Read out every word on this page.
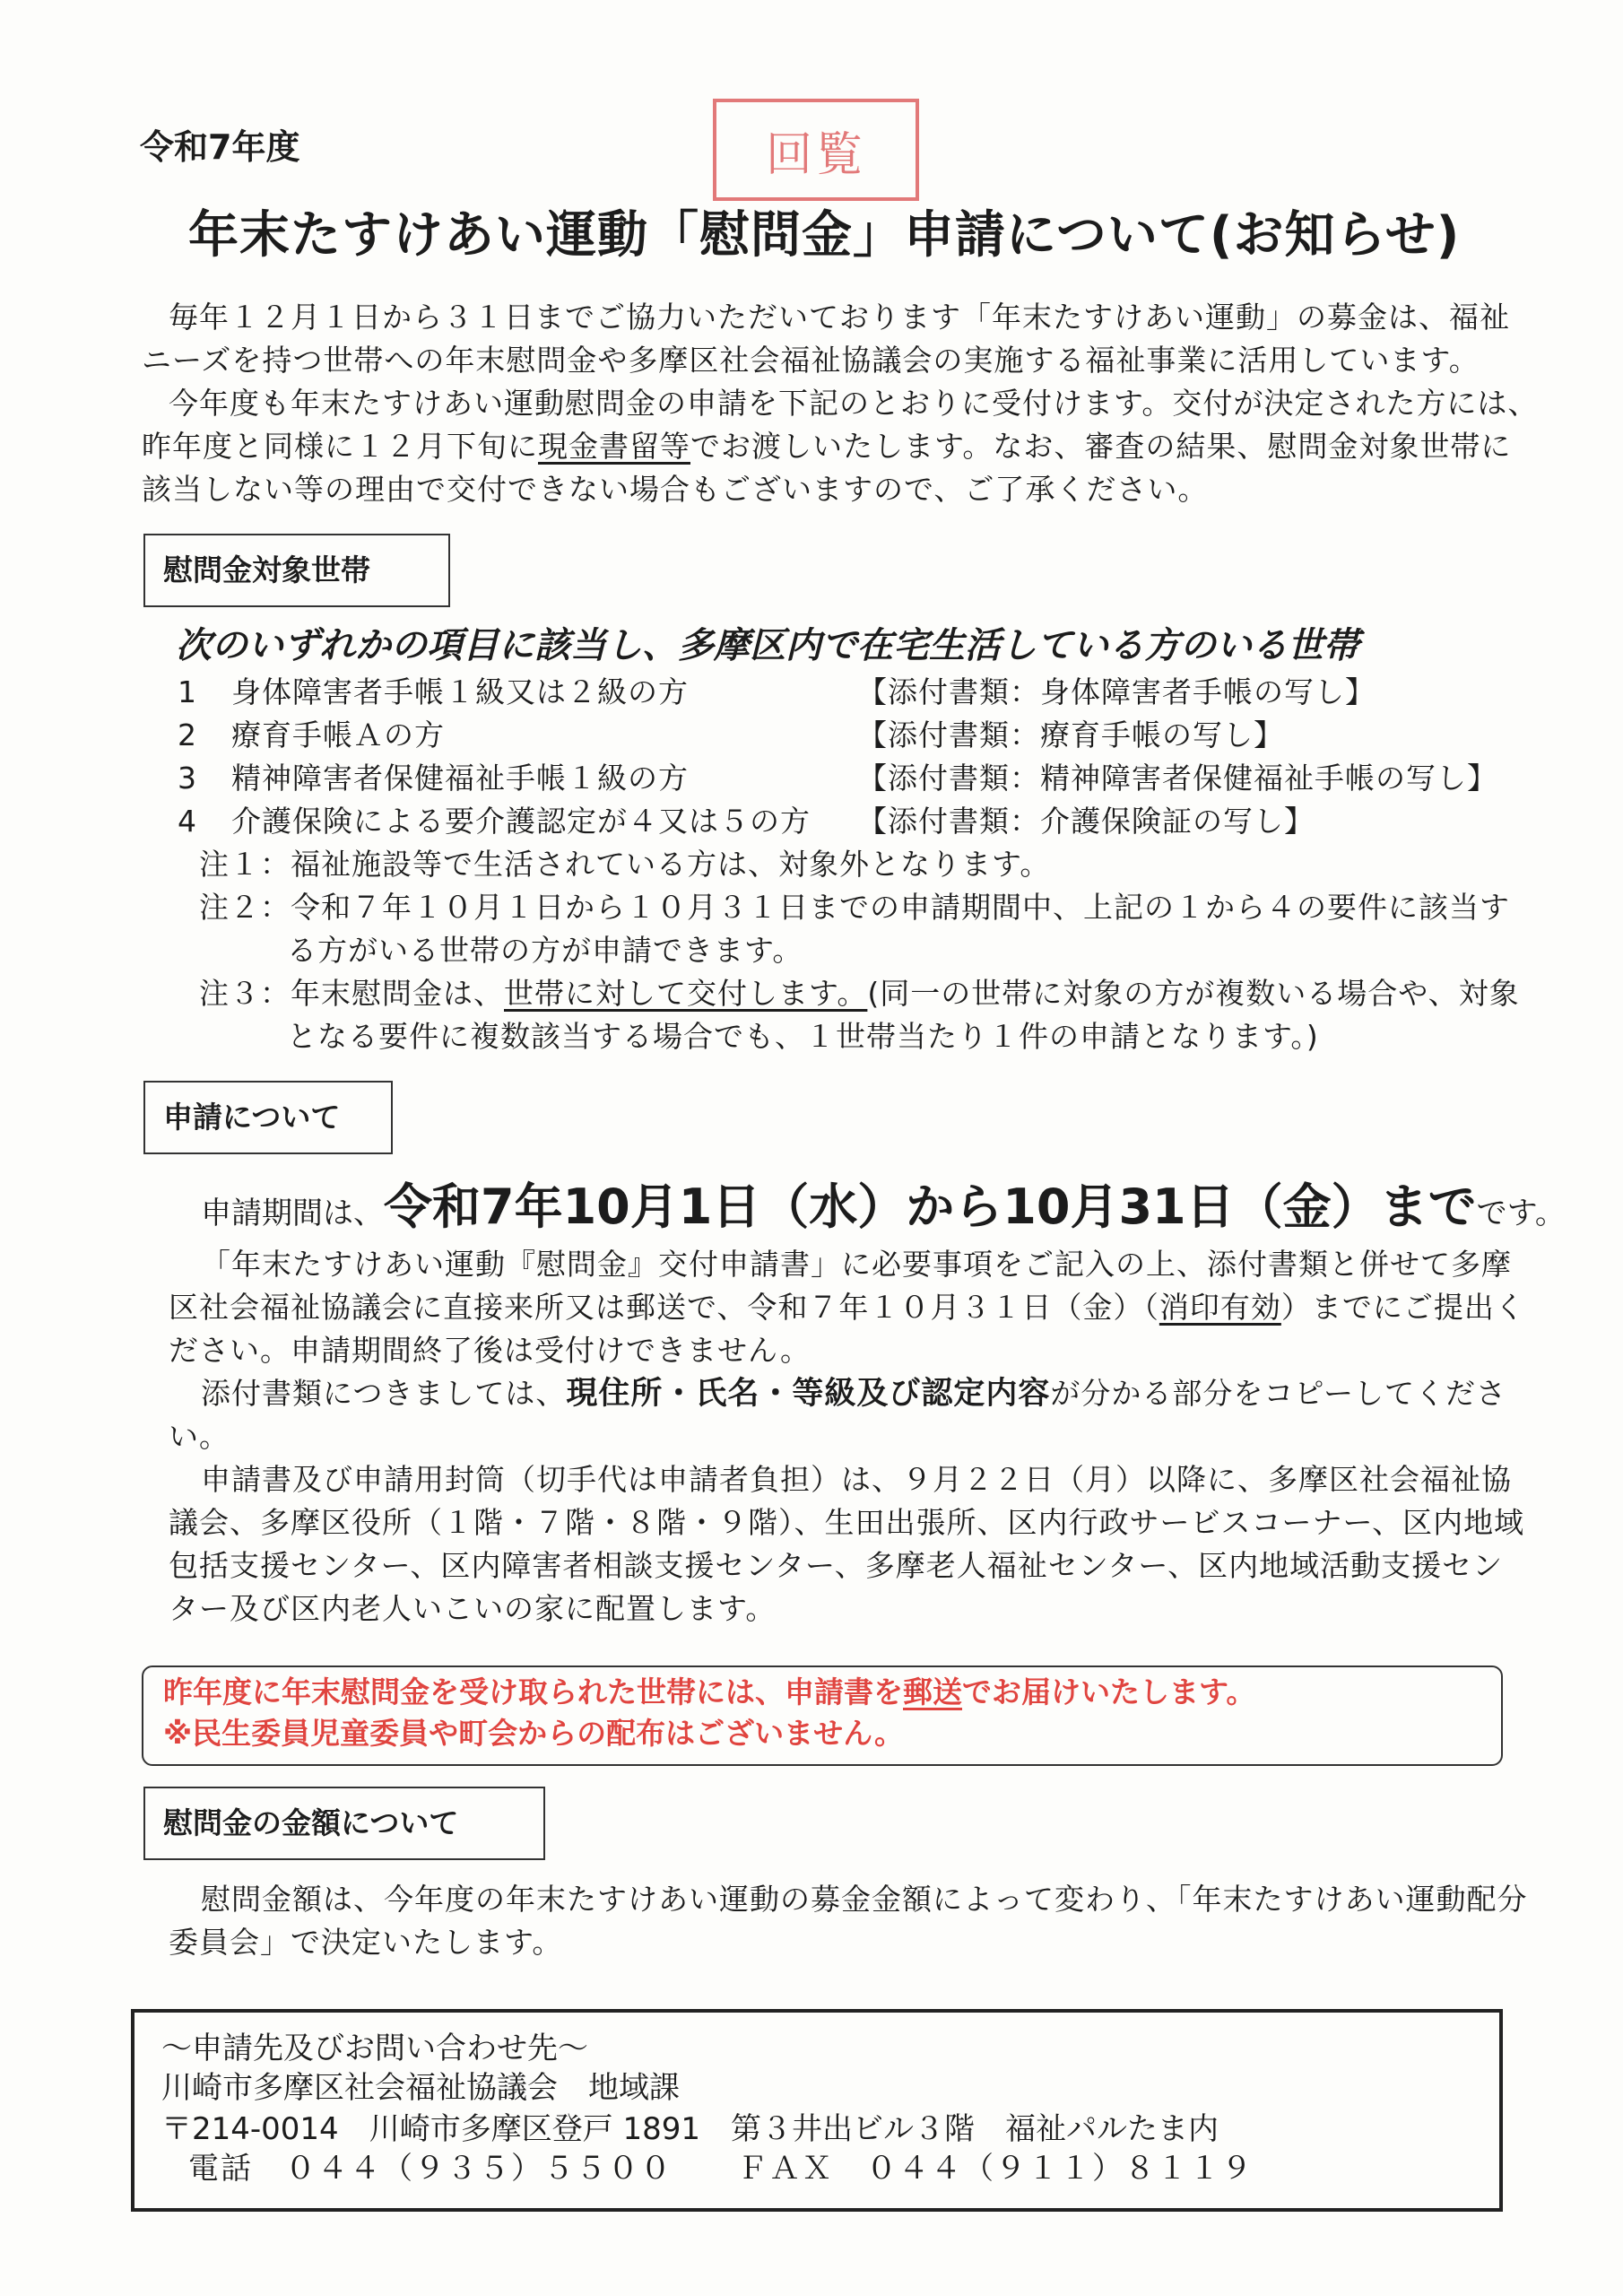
令和7年度	回覧
年末たすけあい運動「慰問金」申請について(お知らせ)
毎年１２月１日から３１日までご協力いただいております「年末たすけあい運動」の募金は、福祉
ニーズを持つ世帯への年末慰問金や多摩区社会福祉協議会の実施する福祉事業に活用しています。
今年度も年末たすけあい運動慰問金の申請を下記のとおりに受付けます。交付が決定された方には、
昨年度と同様に１２月下旬に現金書留等でお渡しいたします。なお、審査の結果、慰問金対象世帯に
該当しない等の理由で交付できない場合もございますので、ご了承ください。
慰問金対象世帯
次のいずれかの項目に該当し、多摩区内で在宅生活している方のいる世帯
1 身体障害者手帳１級又は２級の方	【添付書類：身体障害者手帳の写し】
2 療育手帳Ａの方	【添付書類：療育手帳の写し】
3 精神障害者保健福祉手帳１級の方	【添付書類：精神障害者保健福祉手帳の写し】
4 介護保険による要介護認定が４又は５の方 【添付書類：介護保険証の写し】
注１：福祉施設等で生活されている方は、対象外となります。
注２：令和７年１０月１日から１０月３１日までの申請期間中、上記の１から４の要件に該当す
る方がいる世帯の方が申請できます。
注３：年末慰問金は、世帯に対して交付します。(同一の世帯に対象の方が複数いる場合や、対象
となる要件に複数該当する場合でも、１世帯当たり１件の申請となります。)
申請について
申請期間は、令和7年10月1日（水）から10月31日（金）までです。
「年末たすけあい運動『慰問金』交付申請書」に必要事項をご記入の上、添付書類と併せて多摩
区社会福祉協議会に直接来所又は郵送で、令和７年１０月３１日（金）（消印有効）までにご提出く
ださい。申請期間終了後は受付けできません。
添付書類につきましては、現住所・氏名・等級及び認定内容が分かる部分をコピーしてくださ
い。
申請書及び申請用封筒（切手代は申請者負担）は、９月２２日（月）以降に、多摩区社会福祉協
議会、多摩区役所（１階・７階・８階・９階）、生田出張所、区内行政サービスコーナー、区内地域
包括支援センター、区内障害者相談支援センター、多摩老人福祉センター、区内地域活動支援セン
ター及び区内老人いこいの家に配置します。
昨年度に年末慰問金を受け取られた世帯には、申請書を郵送でお届けいたします。
※民生委員児童委員や町会からの配布はございません。
慰問金の金額について
慰問金額は、今年度の年末たすけあい運動の募金金額によって変わり、「年末たすけあい運動配分
委員会」で決定いたします。
～申請先及びお問い合わせ先～
川崎市多摩区社会福祉協議会　地域課
〒214-0014　川崎市多摩区登戸 1891　第３井出ビル３階　福祉パルたま内
電話　０４４（９３５）５５００　　ＦＡＸ　０４４（９１１）８１１９
